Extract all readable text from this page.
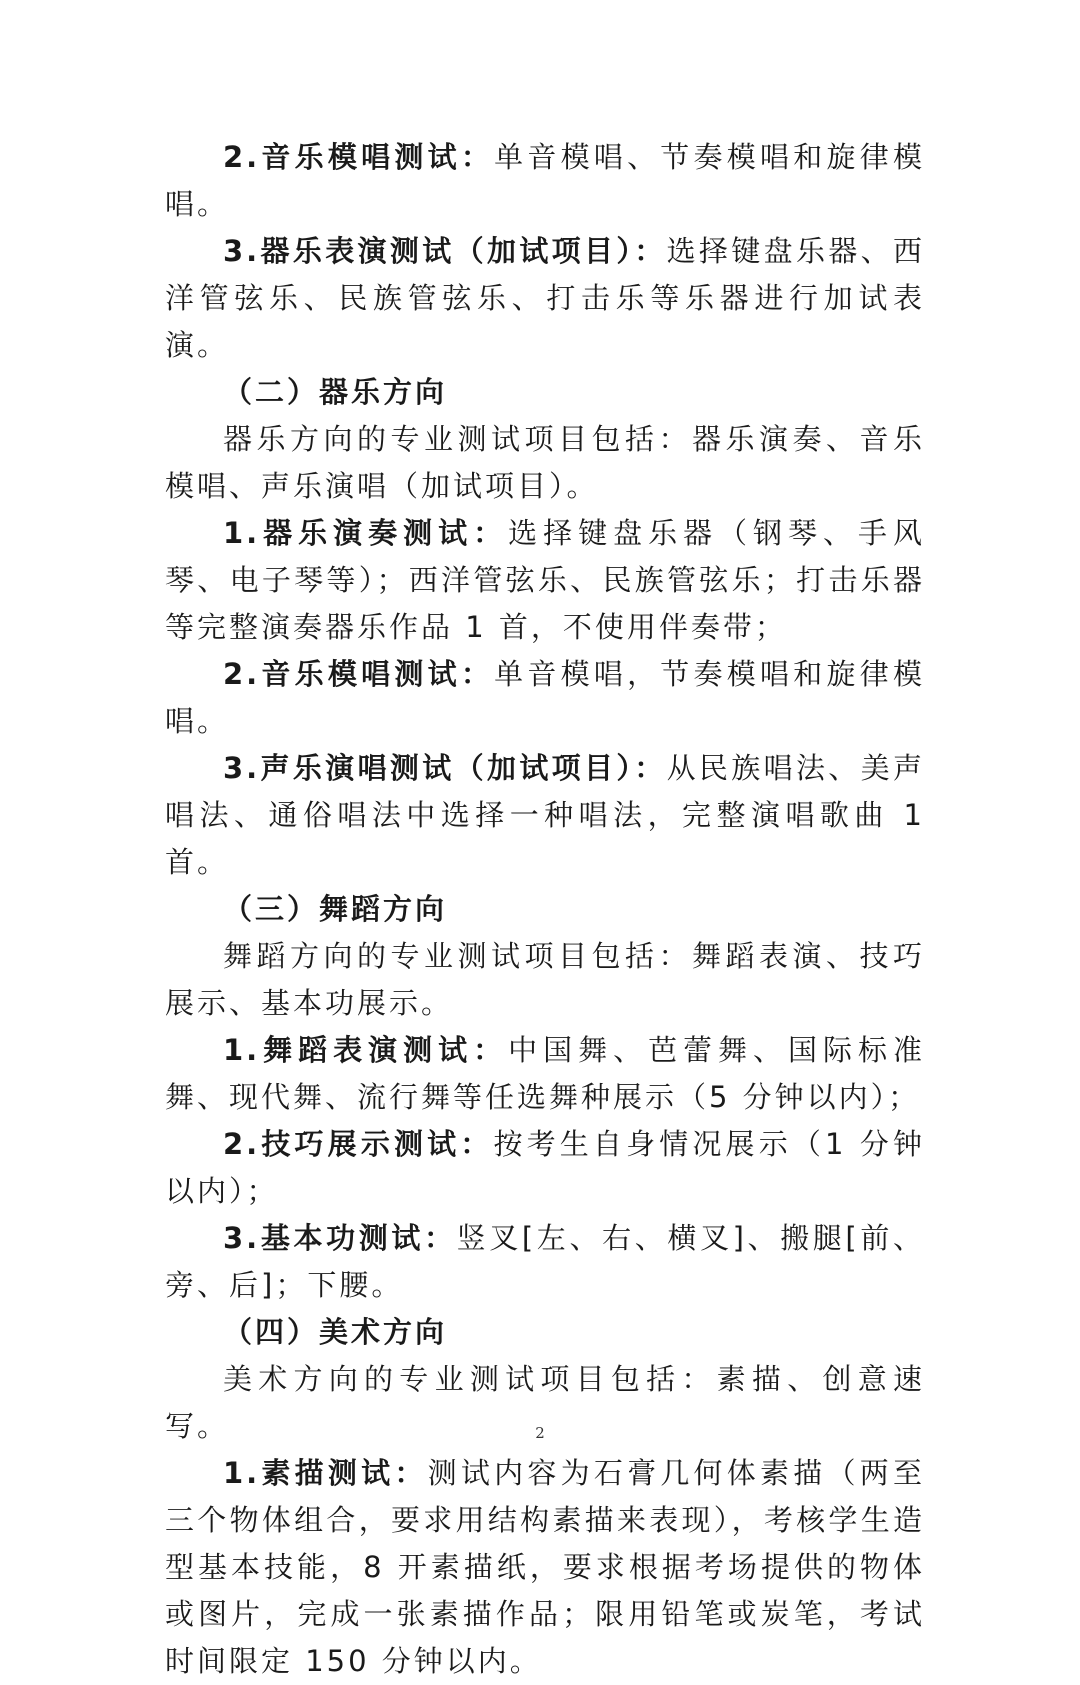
2.音乐模唱测试：单音模唱、节奏模唱和旋律模唱。

3.器乐表演测试（加试项目）：选择键盘乐器、西洋管弦乐、民族管弦乐、打击乐等乐器进行加试表演。

（二）器乐方向

器乐方向的专业测试项目包括：器乐演奏、音乐模唱、声乐演唱（加试项目）。

1.器乐演奏测试：选择键盘乐器（钢琴、手风琴、电子琴等）；西洋管弦乐、民族管弦乐；打击乐器等完整演奏器乐作品 1 首，不使用伴奏带；

2.音乐模唱测试：单音模唱，节奏模唱和旋律模唱。

3.声乐演唱测试（加试项目）：从民族唱法、美声唱法、通俗唱法中选择一种唱法，完整演唱歌曲 1 首。

（三）舞蹈方向

舞蹈方向的专业测试项目包括：舞蹈表演、技巧展示、基本功展示。

1.舞蹈表演测试：中国舞、芭蕾舞、国际标准舞、现代舞、流行舞等任选舞种展示（5 分钟以内）；

2.技巧展示测试：按考生自身情况展示（1 分钟以内）；

3.基本功测试：竖叉[左、右、横叉]、搬腿[前、旁、后]；下腰。

（四）美术方向

美术方向的专业测试项目包括：素描、创意速写。

1.素描测试：测试内容为石膏几何体素描（两至三个物体组合，要求用结构素描来表现），考核学生造型基本技能，8 开素描纸，要求根据考场提供的物体或图片，完成一张素描作品；限用铅笔或炭笔，考试时间限定 150 分钟以内。

2
